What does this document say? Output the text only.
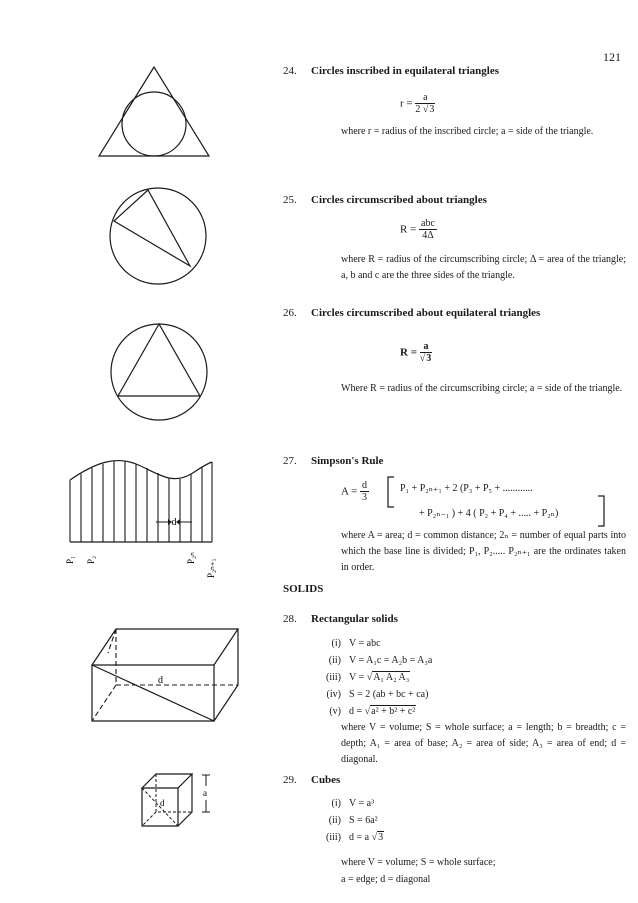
121
24. Circles inscribed in equilateral triangles
$r = \frac{a}{2 √3}$
where r = radius of the inscribed circle; a = side of the triangle.
25. Circles circumscribed about triangles
$R = \frac{\text{abc}}{4\Delta}$
where R = radius of the circumscribing circle; Δ = area of the triangle; a, b and c are the three sides of the triangle.
26. Circles circumscribed about equilateral triangles
$R = \frac{a}{√3}$
Where R = radius of the circumscribing circle; a = side of the triangle.
d
P₁ P₂	P₂ₙ
P₂ₙ₊₁
27. Simpson's Rule
$A = \frac{d}{3}$	P₁ + P₂ₙ₊₁ + 2 (P₃ + P₅ + ............
+ P₂ₙ₋₁ ) + 4 ( P₂ + P₄ + ..... + P₂ₙ)
where A = area; d = common distance; 2ₙ = number of equal parts into which the base line is divided; P₁, P₂..... P₂ₙ₊₁ are the ordinates taken in order.
SOLIDS
d
28. Rectangular solids
(i) V = abc
(ii) V = A₁c = A₂b = A₃a
(iii) V = √A₁ A₂ A₃
(iv) S = 2 (ab + bc + ca)
(v) d = √a² + b² + c²
where V = volume; S = whole surface; a = length; b = breadth; c = depth; A₁ = area of base; A₂ = area of side; A₃ = area of end; d = diagonal.
a
d
29. Cubes
(i) V = a³
(ii) S = 6a²
(iii) d = a √3
where V = volume; S = whole surface;
a = edge; d = diagonal
